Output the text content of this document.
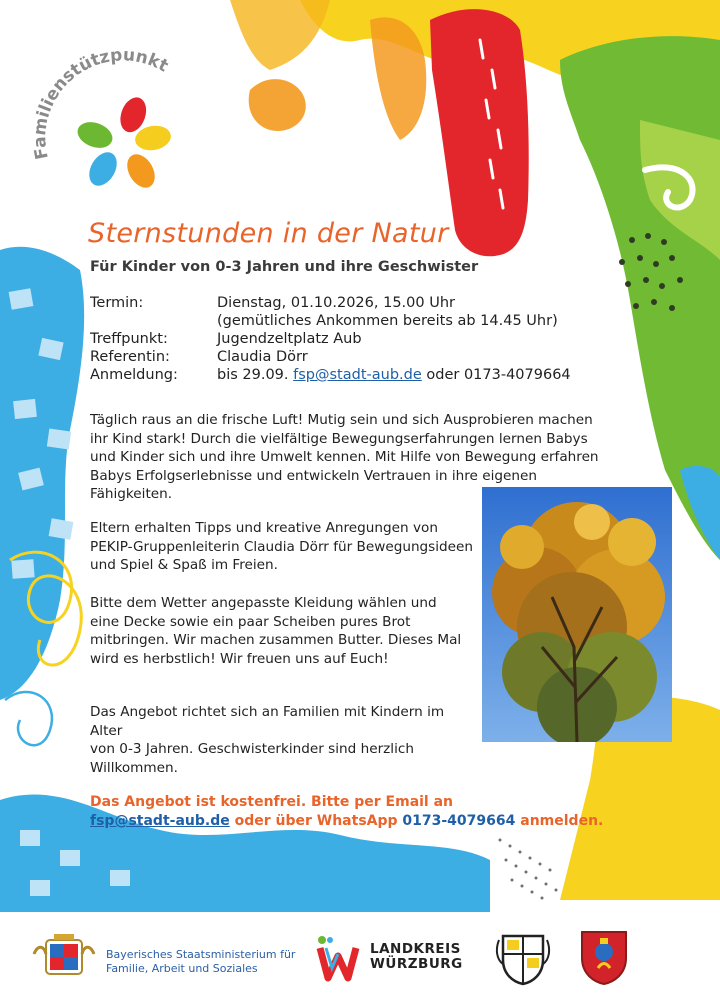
Familienstützpunkt
Sternstunden in der Natur
Für Kinder von 0-3 Jahren und ihre Geschwister
Termin:	Dienstag, 01.10.2026, 15.00 Uhr
(gemütliches Ankommen bereits ab 14.45 Uhr)
Treffpunkt:	Jugendzeltplatz Aub
Referentin:	Claudia Dörr
Anmeldung:	bis 29.09. fsp@stadt-aub.de oder 0173-4079664
Täglich raus an die frische Luft! Mutig sein und sich Ausprobieren machen ihr Kind stark! Durch die vielfältige Bewegungserfahrungen lernen Babys und Kinder sich und ihre Umwelt kennen. Mit Hilfe von Bewegung erfahren Babys Erfolgserlebnisse und entwickeln Vertrauen in ihre eigenen Fähigkeiten.
Eltern erhalten Tipps und kreative Anregungen von PEKIP-Gruppenleiterin Claudia Dörr für Bewegungsideen und Spiel & Spaß im Freien.
Bitte dem Wetter angepasste Kleidung wählen und eine Decke sowie ein paar Scheiben pures Brot mitbringen. Wir machen zusammen Butter. Dieses Mal wird es herbstlich! Wir freuen uns auf Euch!
Das Angebot richtet sich an Familien mit Kindern im Alter
von 0-3 Jahren. Geschwisterkinder sind herzlich Willkommen.
Das Angebot ist kostenfrei. Bitte per Email an
fsp@stadt-aub.de oder über WhatsApp 0173-4079664 anmelden.
Bayerisches Staatsministerium für
Familie, Arbeit und Soziales
LANDKREIS
WÜRZBURG
